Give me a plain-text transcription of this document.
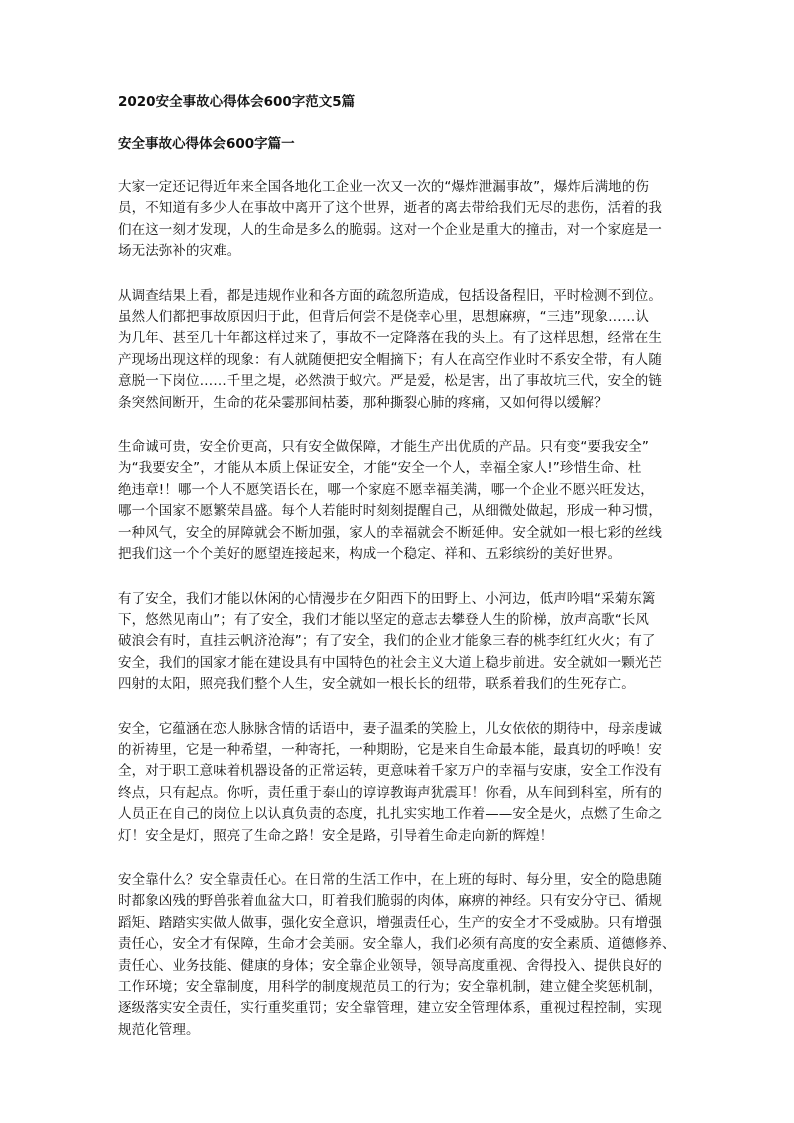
2020安全事故心得体会600字范文5篇
安全事故心得体会600字篇一
大家一定还记得近年来全国各地化工企业一次又一次的“爆炸泄漏事故”，爆炸后满地的伤
员，不知道有多少人在事故中离开了这个世界，逝者的离去带给我们无尽的悲伤，活着的我
们在这一刻才发现，人的生命是多么的脆弱。这对一个企业是重大的撞击，对一个家庭是一
场无法弥补的灾难。
从调查结果上看，都是违规作业和各方面的疏忽所造成，包括设备程旧，平时检测不到位。
虽然人们都把事故原因归于此，但背后何尝不是侥幸心里，思想麻痹，“三违”现象……认
为几年、甚至几十年都这样过来了，事故不一定降落在我的头上。有了这样思想，经常在生
产现场出现这样的现象：有人就随便把安全帽摘下；有人在高空作业时不系安全带，有人随
意脱一下岗位……千里之堤，必然溃于蚁穴。严是爱，松是害，出了事故坑三代，安全的链
条突然间断开，生命的花朵霎那间枯萎，那种撕裂心肺的疼痛，又如何得以缓解？
生命诚可贵，安全价更高，只有安全做保障，才能生产出优质的产品。只有变“要我安全”
为“我要安全”，才能从本质上保证安全，才能“安全一个人，幸福全家人!”珍惜生命、杜
绝违章!！哪一个人不愿笑语长在，哪一个家庭不愿幸福美满，哪一个企业不愿兴旺发达，
哪一个国家不愿繁荣昌盛。每个人若能时时刻刻提醒自己，从细微处做起，形成一种习惯，
一种风气，安全的屏障就会不断加强，家人的幸福就会不断延伸。安全就如一根七彩的丝线
把我们这一个个美好的愿望连接起来，构成一个稳定、祥和、五彩缤纷的美好世界。
有了安全，我们才能以休闲的心情漫步在夕阳西下的田野上、小河边，低声吟唱“采菊东篱
下，悠然见南山”；有了安全，我们才能以坚定的意志去攀登人生的阶梯，放声高歌“长风
破浪会有时，直挂云帆济沧海”；有了安全，我们的企业才能象三春的桃李红红火火；有了
安全，我们的国家才能在建设具有中国特色的社会主义大道上稳步前进。安全就如一颗光芒
四射的太阳，照亮我们整个人生，安全就如一根长长的纽带，联系着我们的生死存亡。
安全，它蕴涵在恋人脉脉含情的话语中，妻子温柔的笑脸上，儿女依依的期待中，母亲虔诚
的祈祷里，它是一种希望，一种寄托，一种期盼，它是来自生命最本能，最真切的呼唤！安
全，对于职工意味着机器设备的正常运转，更意味着千家万户的幸福与安康，安全工作没有
终点，只有起点。你听，责任重于泰山的谆谆教诲声犹震耳！你看，从车间到科室，所有的
人员正在自己的岗位上以认真负责的态度，扎扎实实地工作着——安全是火，点燃了生命之
灯！安全是灯，照亮了生命之路！安全是路，引导着生命走向新的辉煌！
安全靠什么？安全靠责任心。在日常的生活工作中，在上班的每时、每分里，安全的隐患随
时都象凶残的野兽张着血盆大口，盯着我们脆弱的肉体，麻痹的神经。只有安分守已、循规
蹈矩、踏踏实实做人做事，强化安全意识，增强责任心，生产的安全才不受威胁。只有增强
责任心，安全才有保障，生命才会美丽。安全靠人，我们必须有高度的安全素质、道德修养、
责任心、业务技能、健康的身体；安全靠企业领导，领导高度重视、舍得投入、提供良好的
工作环境；安全靠制度，用科学的制度规范员工的行为；安全靠机制，建立健全奖惩机制，
逐级落实安全责任，实行重奖重罚；安全靠管理，建立安全管理体系，重视过程控制，实现
规范化管理。
